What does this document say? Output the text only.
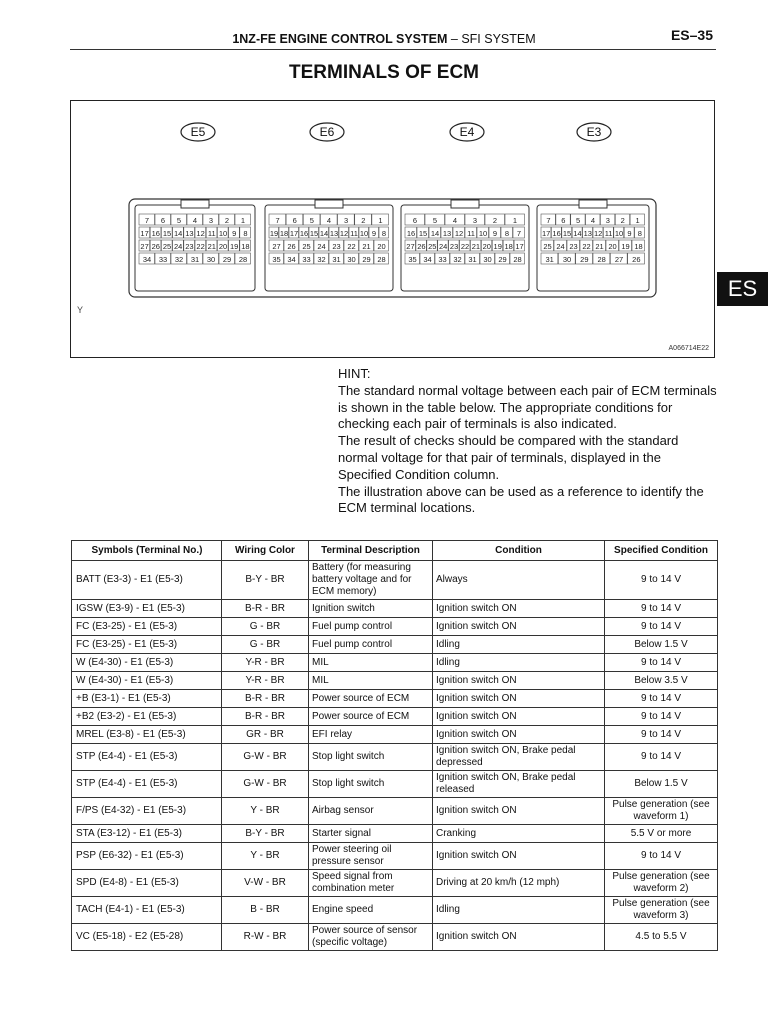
1NZ-FE ENGINE CONTROL SYSTEM – SFI SYSTEM	ES–35
TERMINALS OF ECM
E5
7 6 5 4 3 2 1
17 16 15 14 13 12 11 10 9 8
27 26 25 24 23 22 21 20 19 18
34 33 32 31 30 29 28
E6
7 6 5 4 3 2 1
19 18 17 16 15 14 13 12 11 10 9 8
27 26 25 24 23 22 21 20
35 34 33 32 31 30 29 28
E4
6 5 4 3 2 1
16 15 14 13 12 11 10 9 8 7
27 26 25 24 23 22 21 20 19 18 17
35 34 33 32 31 30 29 28
E3
7 6 5 4 3 2 1
17 16 15 14 13 12 11 10 9 8
25 24 23 22 21 20 19 18
31 30 29 28 27 26
Y
A066714E22
ES

HINT:

The standard normal voltage between each pair of ECM terminals is shown in the table below. The appropriate conditions for checking each pair of terminals is also indicated.

The result of checks should be compared with the standard normal voltage for that pair of terminals, displayed in the Specified Condition column.

The illustration above can be used as a reference to identify the ECM terminal locations.

Symbols (Terminal No.)	Wiring Color	Terminal Description	Condition	Specified Condition
BATT (E3-3) - E1 (E5-3)	B-Y - BR	Battery (for measuring battery voltage and for ECM memory)	Always	9 to 14 V
IGSW (E3-9) - E1 (E5-3)	B-R - BR	Ignition switch	Ignition switch ON	9 to 14 V
FC (E3-25) - E1 (E5-3)	G - BR	Fuel pump control	Ignition switch ON	9 to 14 V
FC (E3-25) - E1 (E5-3)	G - BR	Fuel pump control	Idling	Below 1.5 V
W (E4-30) - E1 (E5-3)	Y-R - BR	MIL	Idling	9 to 14 V
W (E4-30) - E1 (E5-3)	Y-R - BR	MIL	Ignition switch ON	Below 3.5 V
+B (E3-1) - E1 (E5-3)	B-R - BR	Power source of ECM	Ignition switch ON	9 to 14 V
+B2 (E3-2) - E1 (E5-3)	B-R - BR	Power source of ECM	Ignition switch ON	9 to 14 V
MREL (E3-8) - E1 (E5-3)	GR - BR	EFI relay	Ignition switch ON	9 to 14 V
STP (E4-4) - E1 (E5-3)	G-W - BR	Stop light switch	Ignition switch ON, Brake pedal depressed	9 to 14 V
STP (E4-4) - E1 (E5-3)	G-W - BR	Stop light switch	Ignition switch ON, Brake pedal released	Below 1.5 V
F/PS (E4-32) - E1 (E5-3)	Y - BR	Airbag sensor	Ignition switch ON	Pulse generation (see waveform 1)
STA (E3-12) - E1 (E5-3)	B-Y - BR	Starter signal	Cranking	5.5 V or more
PSP (E6-32) - E1 (E5-3)	Y - BR	Power steering oil pressure sensor	Ignition switch ON	9 to 14 V
SPD (E4-8) - E1 (E5-3)	V-W - BR	Speed signal from combination meter	Driving at 20 km/h (12 mph)	Pulse generation (see waveform 2)
TACH (E4-1) - E1 (E5-3)	B - BR	Engine speed	Idling	Pulse generation (see waveform 3)
VC (E5-18) - E2 (E5-28)	R-W - BR	Power source of sensor (specific voltage)	Ignition switch ON	4.5 to 5.5 V
